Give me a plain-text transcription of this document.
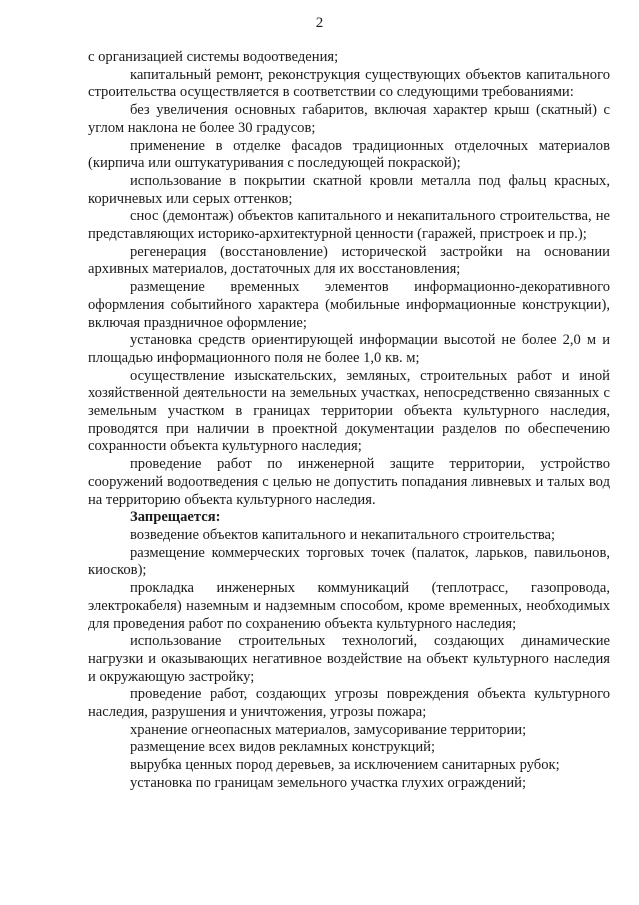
2

с организацией системы водоотведения;

капитальный ремонт, реконструкция существующих объектов капитального строительства осуществляется в соответствии со следующими требованиями:

без увеличения основных габаритов, включая характер крыш (скатный) с углом наклона не более 30 градусов;

применение в отделке фасадов традиционных отделочных материалов (кирпича или оштукатуривания с последующей покраской);

использование в покрытии скатной кровли металла под фальц красных, коричневых или серых оттенков;

снос (демонтаж) объектов капитального и некапитального строительства, не представляющих историко-архитектурной ценности (гаражей, пристроек и пр.);

регенерация (восстановление) исторической застройки на основании архивных материалов, достаточных для их восстановления;

размещение временных элементов информационно-декоративного оформления событийного характера (мобильные информационные конструкции), включая праздничное оформление;

установка средств ориентирующей информации высотой не более 2,0 м и площадью информационного поля не более 1,0 кв. м;

осуществление изыскательских, земляных, строительных работ и иной хозяйственной деятельности на земельных участках, непосредственно связанных с земельным участком в границах территории объекта культурного наследия, проводятся при наличии в проектной документации разделов по обеспечению сохранности объекта культурного наследия;

проведение работ по инженерной защите территории, устройство сооружений водоотведения с целью не допустить попадания ливневых и талых вод на территорию объекта культурного наследия.

Запрещается:

возведение объектов капитального и некапитального строительства;

размещение коммерческих торговых точек (палаток, ларьков, павильонов, киосков);

прокладка инженерных коммуникаций (теплотрасс, газопровода, электрокабеля) наземным и надземным способом, кроме временных, необходимых для проведения работ по сохранению объекта культурного наследия;

использование строительных технологий, создающих динамические нагрузки и оказывающих негативное воздействие на объект культурного наследия и окружающую застройку;

проведение работ, создающих угрозы повреждения объекта культурного наследия, разрушения и уничтожения, угрозы пожара;

хранение огнеопасных материалов, замусоривание территории;

размещение всех видов рекламных конструкций;

вырубка ценных пород деревьев, за исключением санитарных рубок;

установка по границам земельного участка глухих ограждений;
